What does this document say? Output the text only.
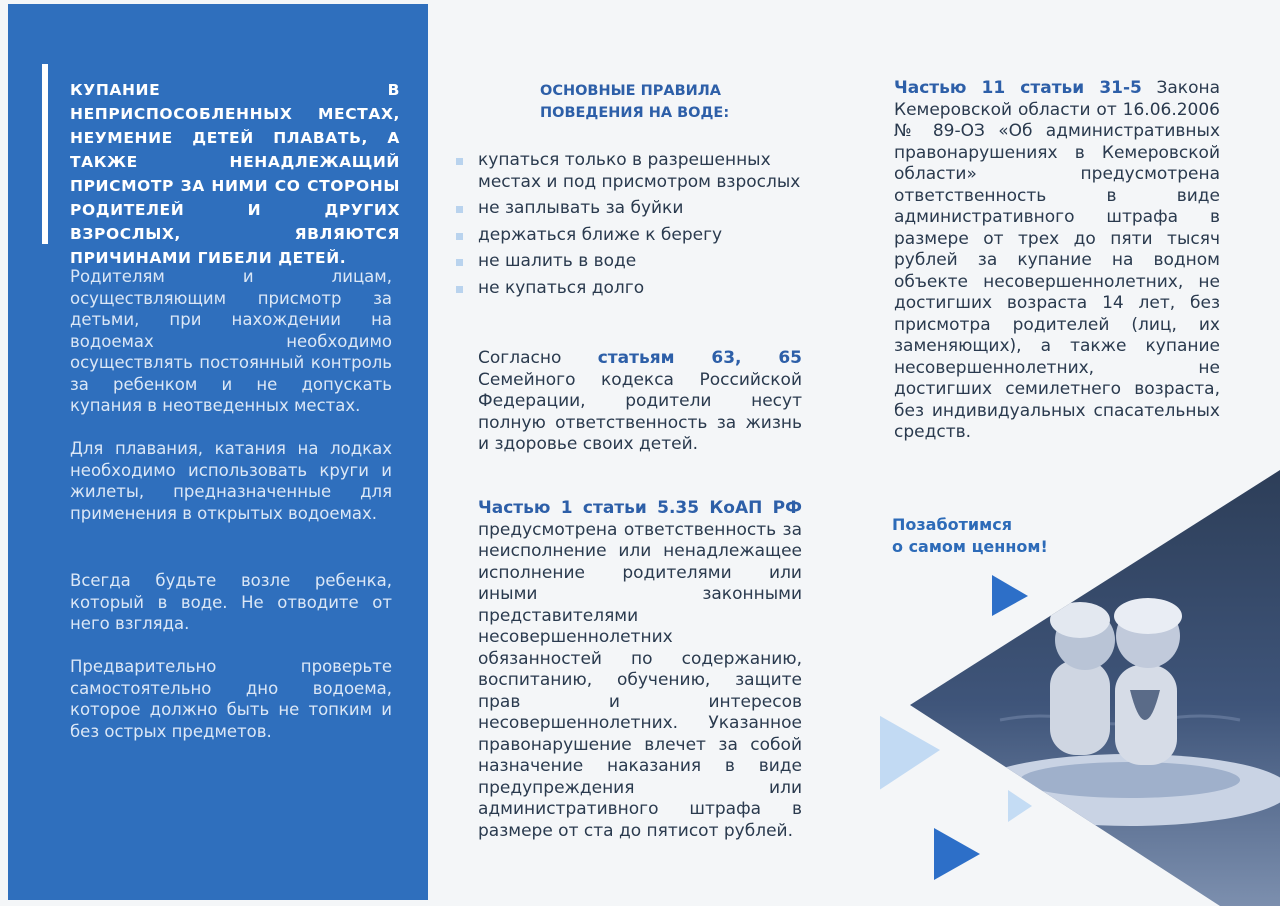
КУПАНИЕ В НЕПРИСПОСОБЛЕННЫХ МЕСТАХ, НЕУМЕНИЕ ДЕТЕЙ ПЛАВАТЬ, А ТАКЖЕ НЕНАДЛЕЖАЩИЙ ПРИСМОТР ЗА НИМИ СО СТОРОНЫ РОДИТЕЛЕЙ И ДРУГИХ ВЗРОСЛЫХ, ЯВЛЯЮТСЯ ПРИЧИНАМИ ГИБЕЛИ ДЕТЕЙ.
Родителям и лицам, осуществляющим присмотр за детьми, при нахождении на водоемах необходимо осуществлять постоянный контроль за ребенком и не допускать купания в неотведенных местах.
Для плавания, катания на лодках необходимо использовать круги и жилеты, предназначенные для применения в открытых водоемах.
Всегда будьте возле ребенка, который в воде. Не отводите от него взгляда.
Предварительно проверьте самостоятельно дно водоема, которое должно быть не топким и без острых предметов.
ОСНОВНЫЕ ПРАВИЛА ПОВЕДЕНИЯ НА ВОДЕ:
купаться только в разрешенных местах и под присмотром взрослых
не заплывать за буйки
держаться ближе к берегу
не шалить в воде
не купаться долго
Согласно статьям 63, 65 Семейного кодекса Российской Федерации, родители несут полную ответственность за жизнь и здоровье своих детей.
Частью 1 статьи 5.35 КоАП РФ предусмотрена ответственность за неисполнение или ненадлежащее исполнение родителями или иными законными представителями несовершеннолетних обязанностей по содержанию, воспитанию, обучению, защите прав и интересов несовершеннолетних. Указанное правонарушение влечет за собой назначение наказания в виде предупреждения или административного штрафа в размере от ста до пятисот рублей.
Частью 11 статьи 31-5 Закона Кемеровской области от 16.06.2006 № 89-ОЗ «Об административных правонарушениях в Кемеровской области» предусмотрена ответственность в виде административного штрафа в размере от трех до пяти тысяч рублей за купание на водном объекте несовершеннолетних, не достигших возраста 14 лет, без присмотра родителей (лиц, их заменяющих), а также купание несовершеннолетних, не достигших семилетнего возраста, без индивидуальных спасательных средств.
Позаботимся
о самом ценном!
